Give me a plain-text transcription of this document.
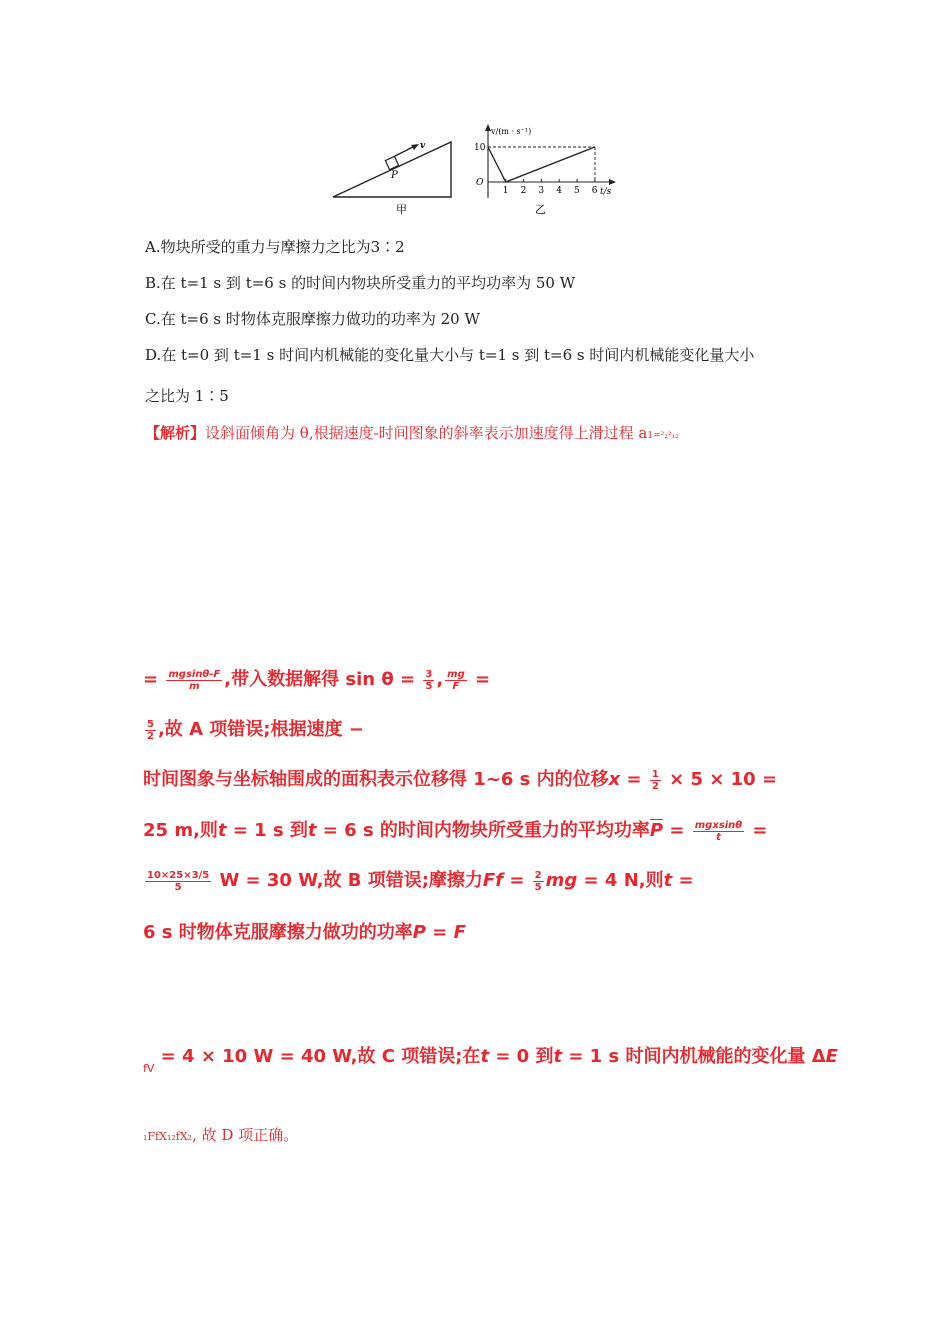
v
P
甲
v/(m · s⁻¹)
10
O
1 2 3 4 5 6 t/s
乙
A.物块所受的重力与摩擦力之比为3∶2
B.在 t=1 s 到 t=6 s 的时间内物块所受重力的平均功率为 50 W
C.在 t=6 s 时物体克服摩擦力做功的功率为 20 W
D.在 t=0 到 t=1 s 时间内机械能的变化量大小与 t=1 s 到 t=6 s 时间内机械能变化量大小
之比为 1∶5
【解析】设斜面倾角为 θ,根据速度-时间图象的斜率表示加速度得上滑过程 a1=²₂²₁₂
= $\frac{mgsin\theta-F}{m}$ ,带入数据解得 $\sin \theta = \frac{3}{5}$ , $\frac{mg}{F}$ =
$\frac{5}{2}$ ,故 A 项错误;根据速度 −
时间图象与坐标轴围成的面积表示位移得 1~6 s 内的位移$x = \frac{1}{2} \times 5 \times 10$ =
25 m,则t = 1 s 到t = 6 s 的时间内物块所受重力的平均功率$\overline{P} = \frac{\text{mgxsinθ}}{t}$ =
$\frac{10\times 25\times 3/5}{5}$ W = 30 W,故 B 项错误;摩擦力$Ff = \frac{2}{5}$ mg = 4 N,则t =
6 s 时物体克服摩擦力做功的功率P = F
$_{fV}$ = 4 × 10 W = 40 W,故 C 项错误;在t = 0 到t = 1 s 时间内机械能的变化量 ΔE
₁FfX₁₂fX₂, 故 D 项正确。
